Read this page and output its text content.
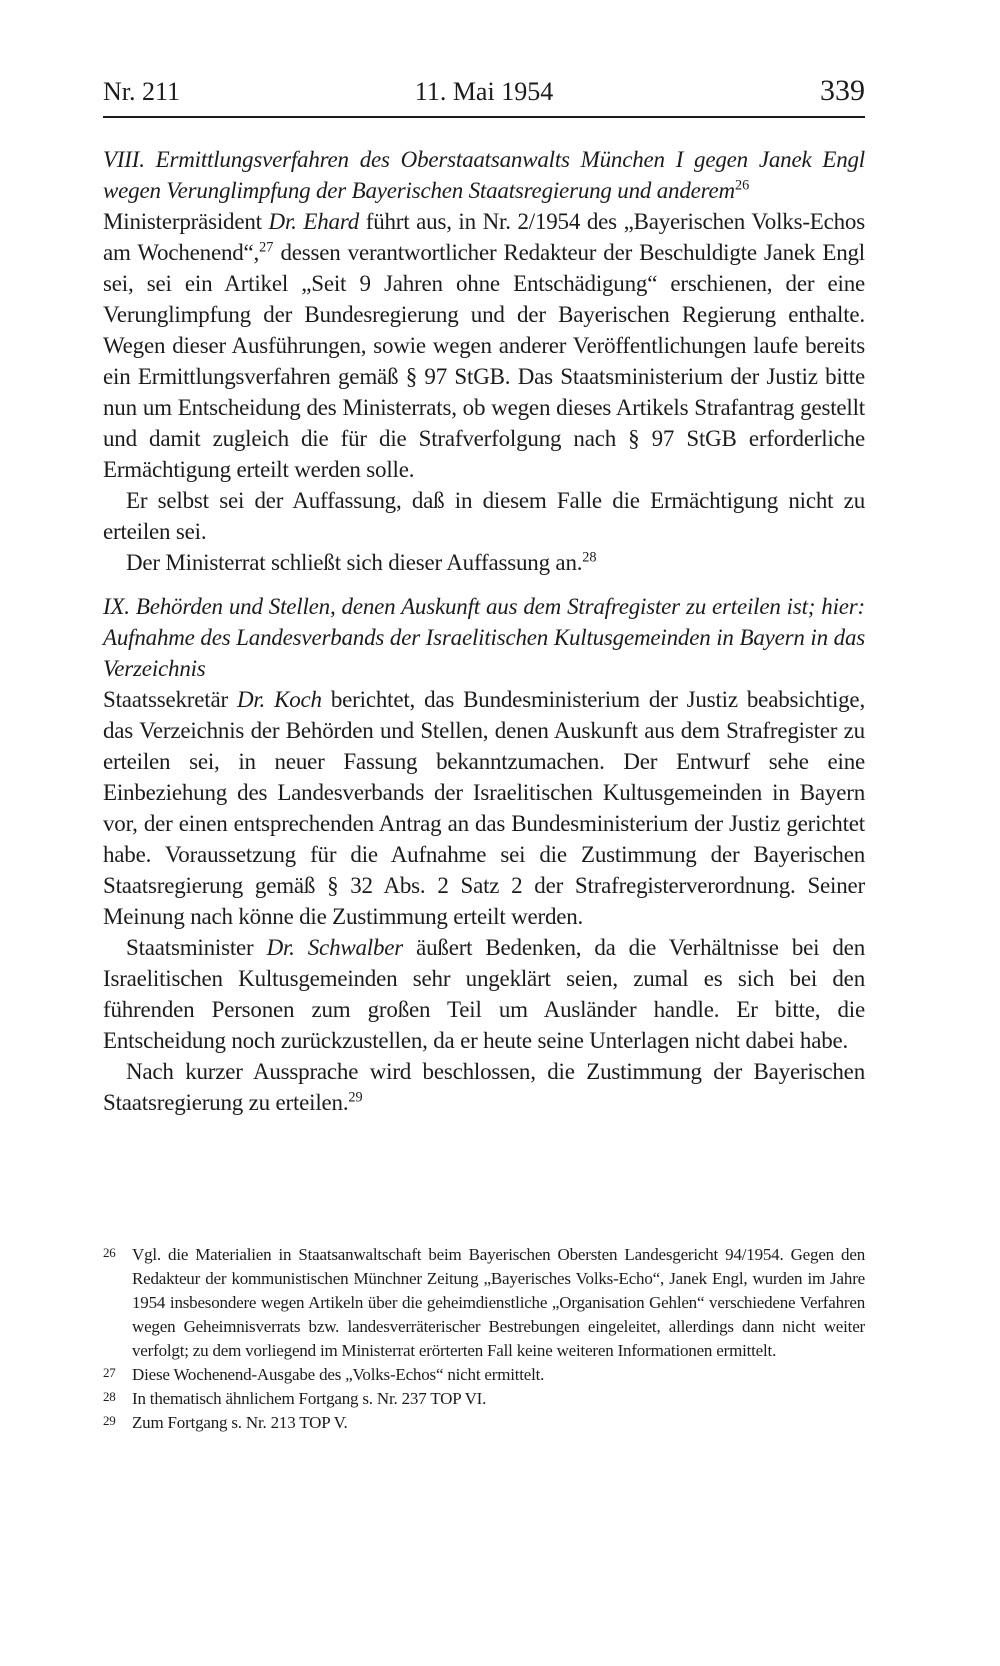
Nr. 211	11. Mai 1954	339

VIII. Ermittlungsverfahren des Oberstaatsanwalts München I gegen Janek Engl wegen Verunglimpfung der Bayerischen Staatsregierung und anderem$^{26}$

Ministerpräsident Dr. Ehard führt aus, in Nr. 2/1954 des „Bayerischen Volks-Echos am Wochenend“,$^{27}$ dessen verantwortlicher Redakteur der Beschuldigte Janek Engl sei, sei ein Artikel „Seit 9 Jahren ohne Entschädigung“ erschienen, der eine Verunglimpfung der Bundesregierung und der Bayerischen Regierung enthalte. Wegen dieser Ausführungen, sowie wegen anderer Veröffentlichungen laufe bereits ein Ermittlungsverfahren gemäß § 97 StGB. Das Staatsministerium der Justiz bitte nun um Entscheidung des Ministerrats, ob wegen dieses Artikels Strafantrag gestellt und damit zugleich die für die Strafverfolgung nach § 97 StGB erforderliche Ermächtigung erteilt werden solle.

Er selbst sei der Auffassung, daß in diesem Falle die Ermächtigung nicht zu erteilen sei.

Der Ministerrat schließt sich dieser Auffassung an.$^{28}$

IX. Behörden und Stellen, denen Auskunft aus dem Strafregister zu erteilen ist; hier: Aufnahme des Landesverbands der Israelitischen Kultusgemeinden in Bayern in das Verzeichnis

Staatssekretär Dr. Koch berichtet, das Bundesministerium der Justiz beabsichtige, das Verzeichnis der Behörden und Stellen, denen Auskunft aus dem Strafregister zu erteilen sei, in neuer Fassung bekanntzumachen. Der Entwurf sehe eine Einbeziehung des Landesverbands der Israelitischen Kultusgemeinden in Bayern vor, der einen entsprechenden Antrag an das Bundesministerium der Justiz gerichtet habe. Voraussetzung für die Aufnahme sei die Zustimmung der Bayerischen Staatsregierung gemäß § 32 Abs. 2 Satz 2 der Strafregisterverordnung. Seiner Meinung nach könne die Zustimmung erteilt werden.

Staatsminister Dr. Schwalber äußert Bedenken, da die Verhältnisse bei den Israelitischen Kultusgemeinden sehr ungeklärt seien, zumal es sich bei den führenden Personen zum großen Teil um Ausländer handle. Er bitte, die Entscheidung noch zurückzustellen, da er heute seine Unterlagen nicht dabei habe.

Nach kurzer Aussprache wird beschlossen, die Zustimmung der Bayerischen Staatsregierung zu erteilen.$^{29}$

26 Vgl. die Materialien in Staatsanwaltschaft beim Bayerischen Obersten Landesgericht 94/1954. Gegen den Redakteur der kommunistischen Münchner Zeitung „Bayerisches Volks-Echo“, Janek Engl, wurden im Jahre 1954 insbesondere wegen Artikeln über die geheimdienstliche „Organisation Gehlen“ verschiedene Verfahren wegen Geheimnisverrats bzw. landesverräterischer Bestrebungen eingeleitet, allerdings dann nicht weiter verfolgt; zu dem vorliegend im Ministerrat erörterten Fall keine weiteren Informationen ermittelt.
27 Diese Wochenend-Ausgabe des „Volks-Echos“ nicht ermittelt.
28 In thematisch ähnlichem Fortgang s. Nr. 237 TOP VI.
29 Zum Fortgang s. Nr. 213 TOP V.
